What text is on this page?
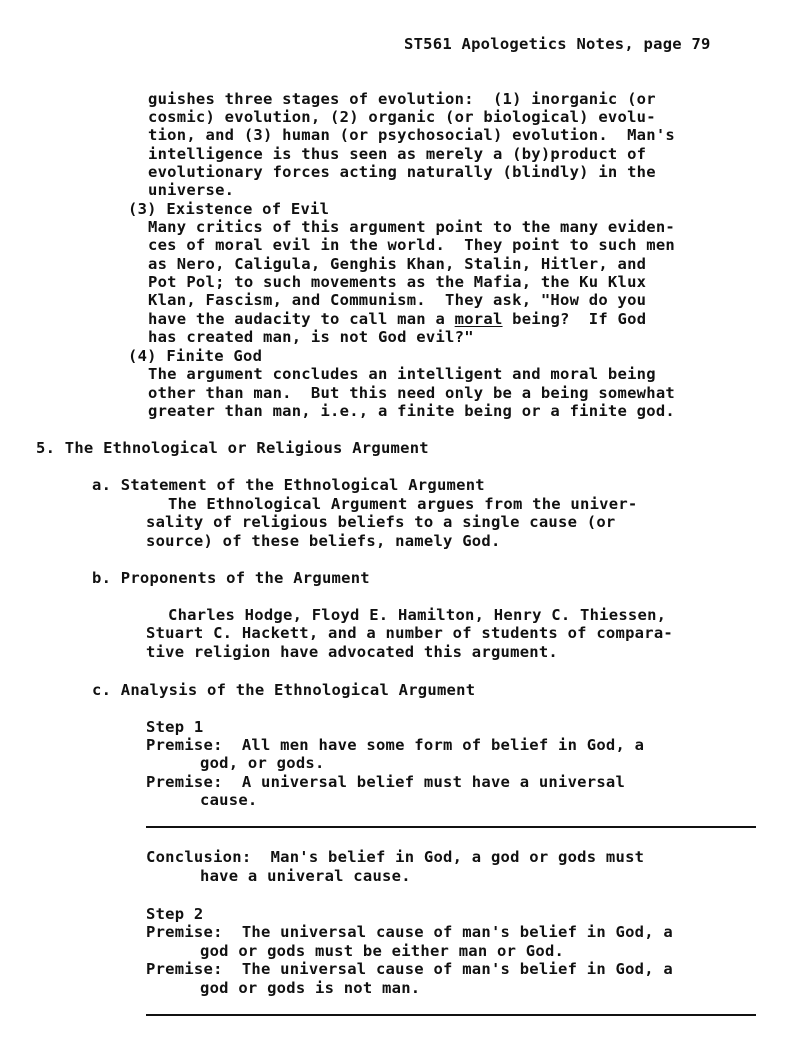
ST561 Apologetics Notes, page 79
guishes three stages of evolution:  (1) inorganic (or
cosmic) evolution, (2) organic (or biological) evolu-
tion, and (3) human (or psychosocial) evolution.  Man's
intelligence is thus seen as merely a (by)product of
evolutionary forces acting naturally (blindly) in the
universe.
(3) Existence of Evil
Many critics of this argument point to the many eviden-
ces of moral evil in the world.  They point to such men
as Nero, Caligula, Genghis Khan, Stalin, Hitler, and
Pot Pol; to such movements as the Mafia, the Ku Klux
Klan, Fascism, and Communism.  They ask, "How do you
have the audacity to call man a moral being?  If God
has created man, is not God evil?"
(4) Finite God
The argument concludes an intelligent and moral being
other than man.  But this need only be a being somewhat
greater than man, i.e., a finite being or a finite god.
5. The Ethnological or Religious Argument
a. Statement of the Ethnological Argument
The Ethnological Argument argues from the univer-
sality of religious beliefs to a single cause (or
source) of these beliefs, namely God.
b. Proponents of the Argument
Charles Hodge, Floyd E. Hamilton, Henry C. Thiessen,
Stuart C. Hackett, and a number of students of compara-
tive religion have advocated this argument.
c. Analysis of the Ethnological Argument
Step 1
Premise:  All men have some form of belief in God, a
god, or gods.
Premise:  A universal belief must have a universal
cause.
Conclusion:  Man's belief in God, a god or gods must
have a univeral cause.
Step 2
Premise:  The universal cause of man's belief in God, a
god or gods must be either man or God.
Premise:  The universal cause of man's belief in God, a
god or gods is not man.
